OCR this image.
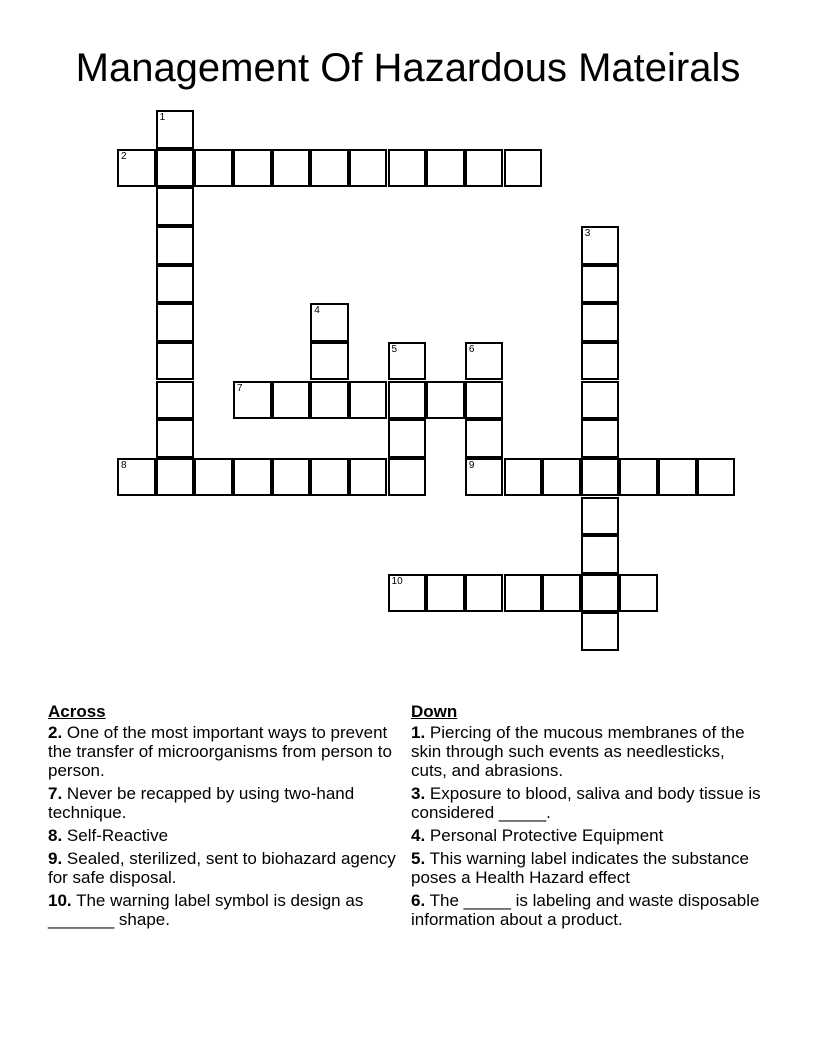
Management Of Hazardous Mateirals
1
2
3
4
5	6
9
7
8
10
Across
2. One of the most important ways to prevent the transfer of microorganisms from person to person.
7. Never be recapped by using two-hand technique.
8. Self-Reactive
9. Sealed, sterilized, sent to biohazard agency for safe disposal.
10. The warning label symbol is design as _______ shape.
Down
1. Piercing of the mucous membranes of the skin through such events as needlesticks, cuts, and abrasions.
3. Exposure to blood, saliva and body tissue is considered _____.
4. Personal Protective Equipment
5. This warning label indicates the substance poses a Health Hazard effect
6. The _____ is labeling and waste disposable information about a product.
